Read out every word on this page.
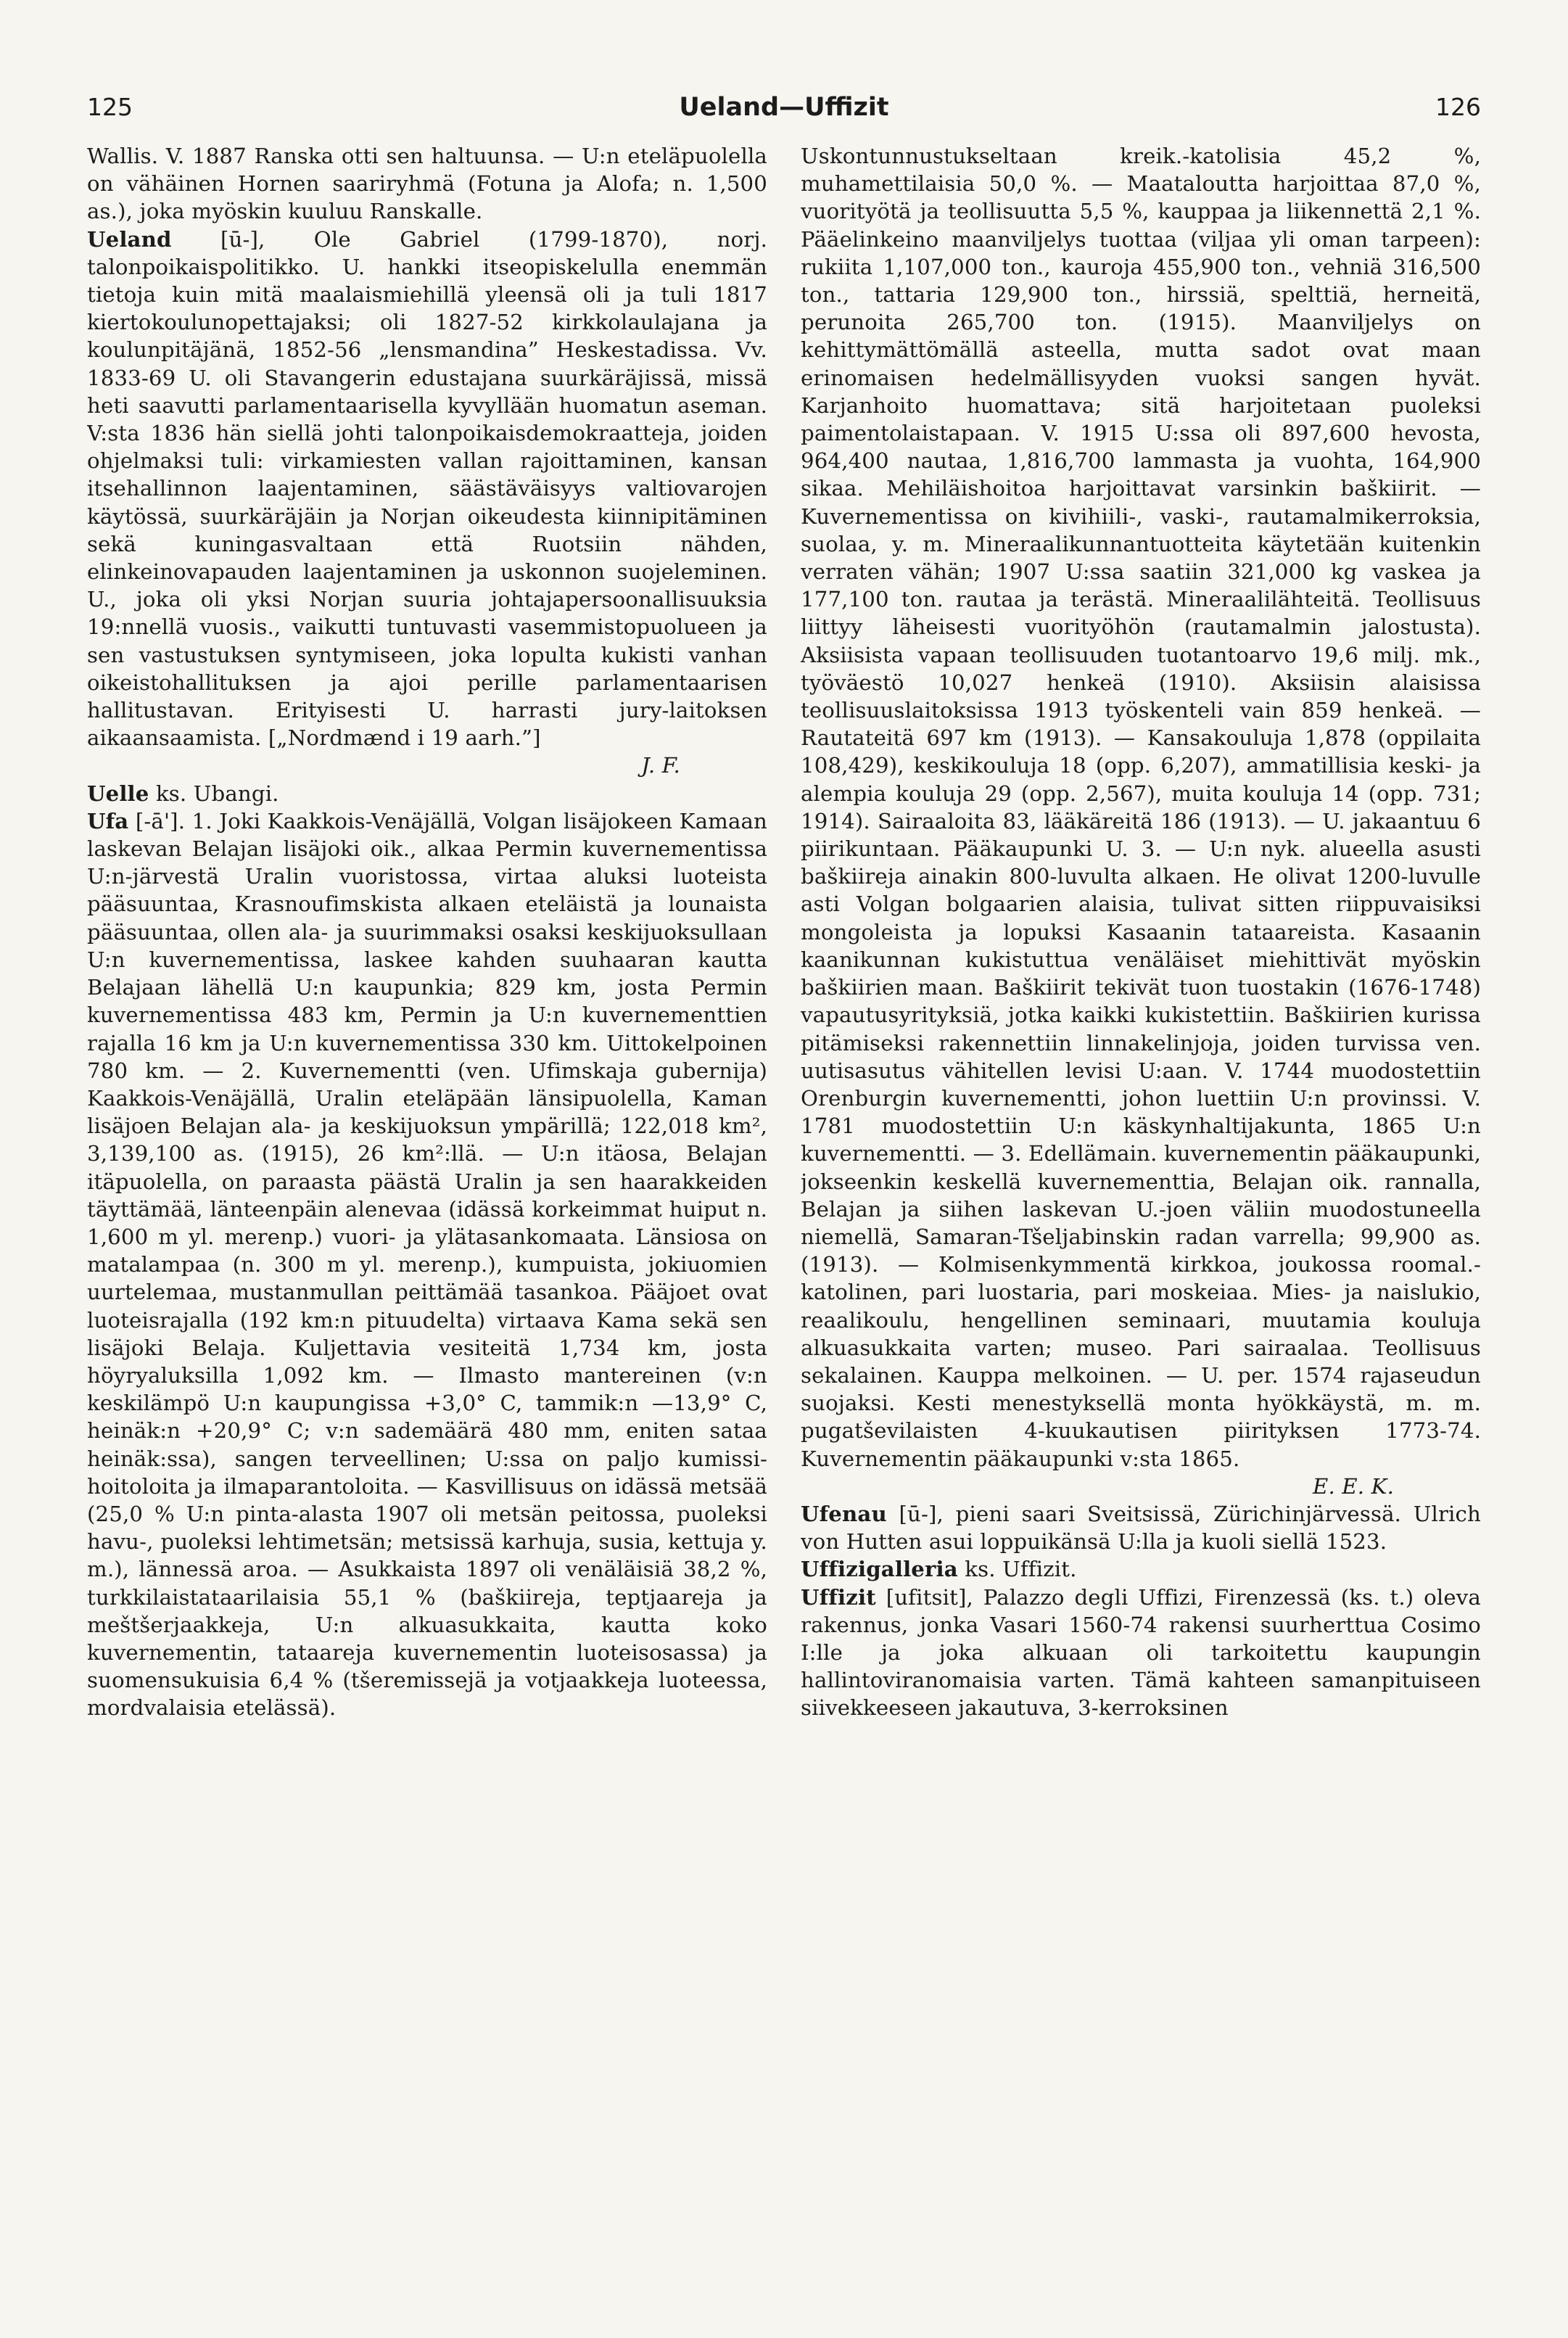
125	Ueland—Uffizit	126

Wallis. V. 1887 Ranska otti sen haltuunsa. — U:n eteläpuolella on vähäinen Hornen saariryhmä (Fotuna ja Alofa; n. 1,500 as.), joka myöskin kuuluu Ranskalle.

Ueland [ū-], Ole Gabriel (1799-1870), norj. talonpoikaispolitikko. U. hankki itseopiskelulla enemmän tietoja kuin mitä maalaismiehillä yleensä oli ja tuli 1817 kiertokoulunopettajaksi; oli 1827-52 kirkkolaulajana ja koulunpitäjänä, 1852-56 „lensmandina” Heskestadissa. Vv. 1833-69 U. oli Stavangerin edustajana suurkäräjissä, missä heti saavutti parlamentaarisella kyvyllään huomatun aseman. V:sta 1836 hän siellä johti talonpoikaisdemokraatteja, joiden ohjelmaksi tuli: virkamiesten vallan rajoittaminen, kansan itsehallinnon laajentaminen, säästäväisyys valtiovarojen käytössä, suurkäräjäin ja Norjan oikeudesta kiinnipitäminen sekä kuningasvaltaan että Ruotsiin nähden, elinkeinovapauden laajentaminen ja uskonnon suojeleminen. U., joka oli yksi Norjan suuria johtajapersoonallisuuksia 19:nnellä vuosis., vaikutti tuntuvasti vasemmistopuolueen ja sen vastustuksen syntymiseen, joka lopulta kukisti vanhan oikeistohallituksen ja ajoi perille parlamentaarisen hallitustavan. Erityisesti U. harrasti jury-laitoksen aikaansaamista. [„Nordmænd i 19 aarh.”]

J. F.

Uelle ks. Ubangi.

Ufa [-ā']. 1. Joki Kaakkois-Venäjällä, Volgan lisäjokeen Kamaan laskevan Belajan lisäjoki oik., alkaa Permin kuvernementissa U:n-järvestä Uralin vuoristossa, virtaa aluksi luoteista pääsuuntaa, Krasnoufimskista alkaen eteläistä ja lounaista pääsuuntaa, ollen ala- ja suurimmaksi osaksi keskijuoksullaan U:n kuvernementissa, laskee kahden suuhaaran kautta Belajaan lähellä U:n kaupunkia; 829 km, josta Permin kuvernementissa 483 km, Permin ja U:n kuvernementtien rajalla 16 km ja U:n kuvernementissa 330 km. Uittokelpoinen 780 km. — 2. Kuvernementti (ven. Ufimskaja gubernija) Kaakkois-Venäjällä, Uralin eteläpään länsipuolella, Kaman lisäjoen Belajan ala- ja keskijuoksun ympärillä; 122,018 km², 3,139,100 as. (1915), 26 km²:llä. — U:n itäosa, Belajan itäpuolella, on paraasta päästä Uralin ja sen haarakkeiden täyttämää, länteenpäin alenevaa (idässä korkeimmat huiput n. 1,600 m yl. merenp.) vuori- ja ylätasankomaata. Länsiosa on matalampaa (n. 300 m yl. merenp.), kumpuista, jokiuomien uurtelemaa, mustanmullan peittämää tasankoa. Pääjoet ovat luoteisrajalla (192 km:n pituudelta) virtaava Kama sekä sen lisäjoki Belaja. Kuljettavia vesiteitä 1,734 km, josta höyryaluksilla 1,092 km. — Ilmasto mantereinen (v:n keskilämpö U:n kaupungissa +3,0° C, tammik:n —13,9° C, heinäk:n +20,9° C; v:n sademäärä 480 mm, eniten sataa heinäk:ssa), sangen terveellinen; U:ssa on paljo kumissi-hoitoloita ja ilmaparantoloita. — Kasvillisuus on idässä metsää (25,0 % U:n pinta-alasta 1907 oli metsän peitossa, puoleksi havu-, puoleksi lehtimetsän; metsissä karhuja, susia, kettuja y. m.), lännessä aroa. — Asukkaista 1897 oli venäläisiä 38,2 %, turkkilaistataarilaisia 55,1 % (baškiireja, teptjaareja ja meštšerjaakkeja, U:n alkuasukkaita, kautta koko kuvernementin, tataareja kuvernementin luoteisosassa) ja suomensukuisia 6,4 % (tšeremissejä ja votjaakkeja luoteessa, mordvalaisia etelässä).

Uskontunnustukseltaan kreik.-katolisia 45,2 %, muhamettilaisia 50,0 %. — Maataloutta harjoittaa 87,0 %, vuorityötä ja teollisuutta 5,5 %, kauppaa ja liikennettä 2,1 %. Pääelinkeino maanviljelys tuottaa (viljaa yli oman tarpeen): rukiita 1,107,000 ton., kauroja 455,900 ton., vehniä 316,500 ton., tattaria 129,900 ton., hirssiä, spelttiä, herneitä, perunoita 265,700 ton. (1915). Maanviljelys on kehittymättömällä asteella, mutta sadot ovat maan erinomaisen hedelmällisyyden vuoksi sangen hyvät. Karjanhoito huomattava; sitä harjoitetaan puoleksi paimentolaistapaan. V. 1915 U:ssa oli 897,600 hevosta, 964,400 nautaa, 1,816,700 lammasta ja vuohta, 164,900 sikaa. Mehiläishoitoa harjoittavat varsinkin baškiirit. — Kuvernementissa on kivihiili-, vaski-, rautamalmikerroksia, suolaa, y. m. Mineraalikunnantuotteita käytetään kuitenkin verraten vähän; 1907 U:ssa saatiin 321,000 kg vaskea ja 177,100 ton. rautaa ja terästä. Mineraalilähteitä. Teollisuus liittyy läheisesti vuorityöhön (rautamalmin jalostusta). Aksiisista vapaan teollisuuden tuotantoarvo 19,6 milj. mk., työväestö 10,027 henkeä (1910). Aksiisin alaisissa teollisuuslaitoksissa 1913 työskenteli vain 859 henkeä. — Rautateitä 697 km (1913). — Kansakouluja 1,878 (oppilaita 108,429), keskikouluja 18 (opp. 6,207), ammatillisia keski- ja alempia kouluja 29 (opp. 2,567), muita kouluja 14 (opp. 731; 1914). Sairaaloita 83, lääkäreitä 186 (1913). — U. jakaantuu 6 piirikuntaan. Pääkaupunki U. 3. — U:n nyk. alueella asusti baškiireja ainakin 800-luvulta alkaen. He olivat 1200-luvulle asti Volgan bolgaarien alaisia, tulivat sitten riippuvaisiksi mongoleista ja lopuksi Kasaanin tataareista. Kasaanin kaanikunnan kukistuttua venäläiset miehittivät myöskin baškiirien maan. Baškiirit tekivät tuon tuostakin (1676-1748) vapautusyrityksiä, jotka kaikki kukistettiin. Baškiirien kurissa pitämiseksi rakennettiin linnakelinjoja, joiden turvissa ven. uutisasutus vähitellen levisi U:aan. V. 1744 muodostettiin Orenburgin kuvernementti, johon luettiin U:n provinssi. V. 1781 muodostettiin U:n käskynhaltijakunta, 1865 U:n kuvernementti. — 3. Edellämain. kuvernementin pääkaupunki, jokseenkin keskellä kuvernementtia, Belajan oik. rannalla, Belajan ja siihen laskevan U.-joen väliin muodostuneella niemellä, Samaran-Tšeljabinskin radan varrella; 99,900 as. (1913). — Kolmisenkymmentä kirkkoa, joukossa roomal.-katolinen, pari luostaria, pari moskeiaa. Mies- ja naislukio, reaalikoulu, hengellinen seminaari, muutamia kouluja alkuasukkaita varten; museo. Pari sairaalaa. Teollisuus sekalainen. Kauppa melkoinen. — U. per. 1574 rajaseudun suojaksi. Kesti menestyksellä monta hyökkäystä, m. m. pugatševilaisten 4-kuukautisen piirityksen 1773-74. Kuvernementin pääkaupunki v:sta 1865.

E. E. K.

Ufenau [ū-], pieni saari Sveitsissä, Zürichinjärvessä. Ulrich von Hutten asui loppuikänsä U:lla ja kuoli siellä 1523.

Uffizigalleria ks. Uffizit.

Uffizit [ufitsit], Palazzo degli Uffizi, Firenzessä (ks. t.) oleva rakennus, jonka Vasari 1560-74 rakensi suurherttua Cosimo I:lle ja joka alkuaan oli tarkoitettu kaupungin hallintoviranomaisia varten. Tämä kahteen samanpituiseen siivekkeeseen jakautuva, 3-kerroksinen
